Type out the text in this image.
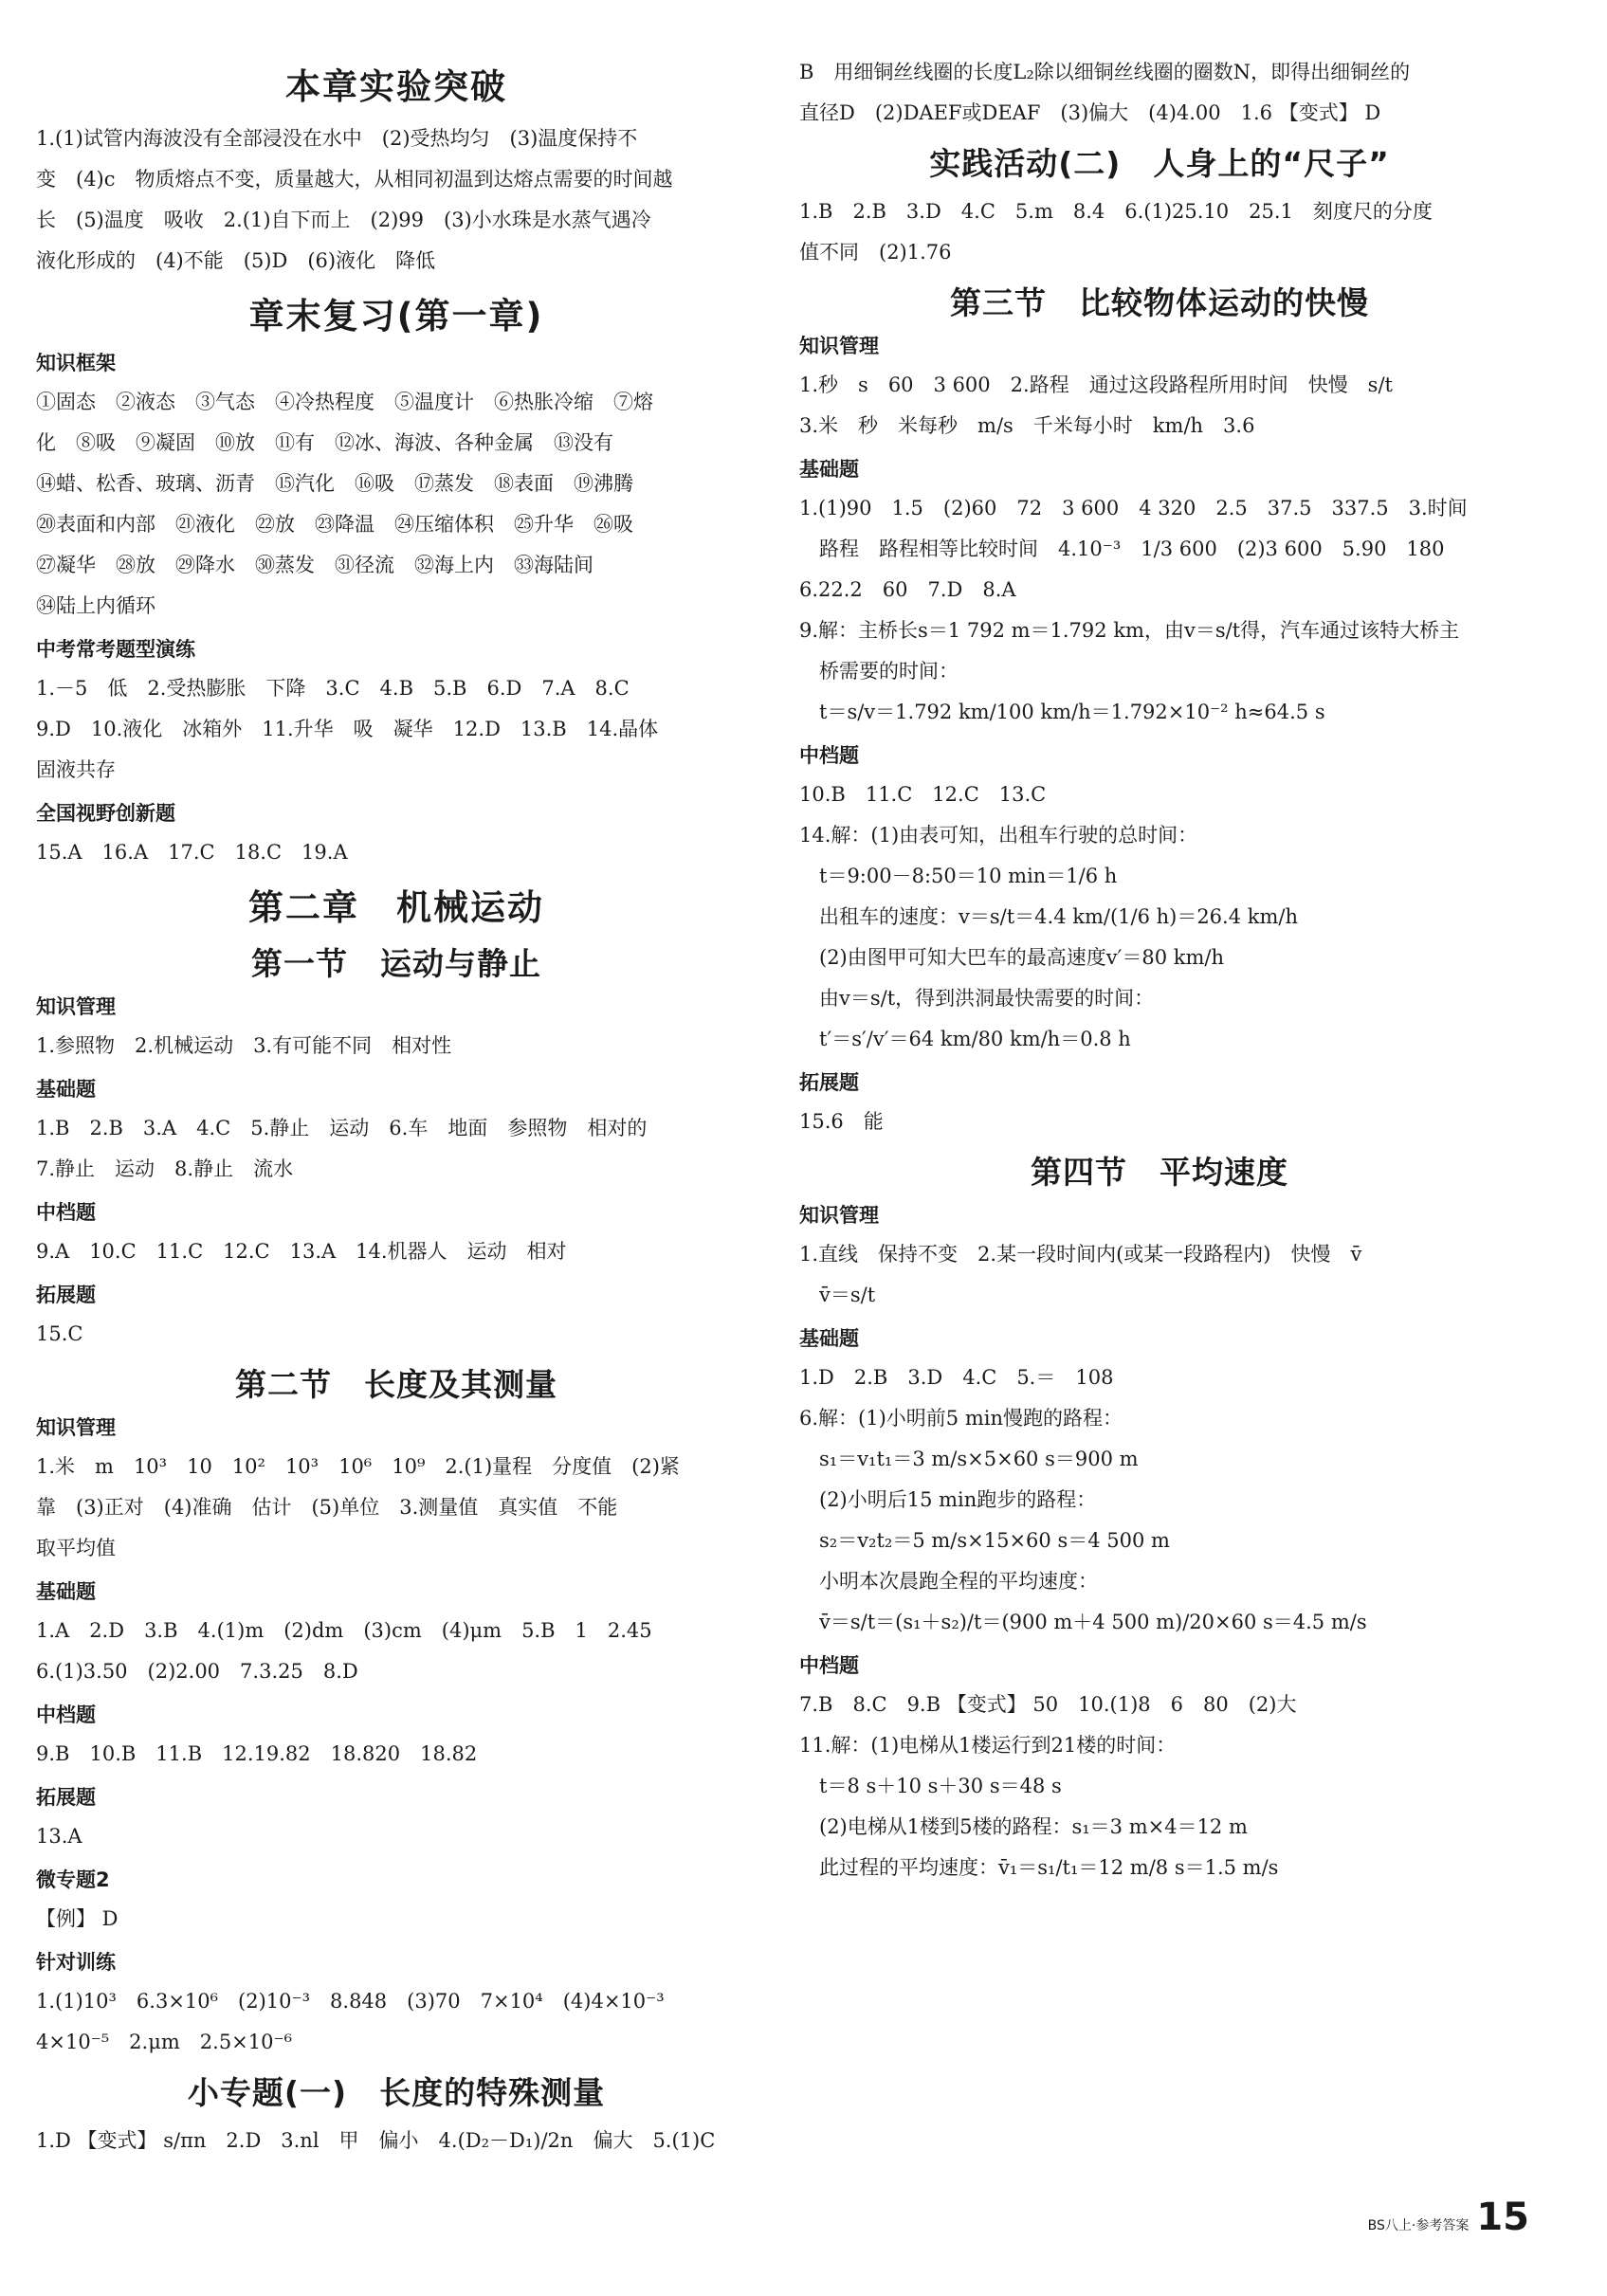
本章实验突破
1.(1)试管内海波没有全部浸没在水中　(2)受热均匀　(3)温度保持不
变　(4)c　物质熔点不变，质量越大，从相同初温到达熔点需要的时间越
长　(5)温度　吸收　2.(1)自下而上　(2)99　(3)小水珠是水蒸气遇冷
液化形成的　(4)不能　(5)D　(6)液化　降低
章末复习(第一章)
知识框架
①固态　②液态　③气态　④冷热程度　⑤温度计　⑥热胀冷缩　⑦熔
化　⑧吸　⑨凝固　⑩放　⑪有　⑫冰、海波、各种金属　⑬没有
⑭蜡、松香、玻璃、沥青　⑮汽化　⑯吸　⑰蒸发　⑱表面　⑲沸腾
⑳表面和内部　㉑液化　㉒放　㉓降温　㉔压缩体积　㉕升华　㉖吸
㉗凝华　㉘放　㉙降水　㉚蒸发　㉛径流　㉜海上内　㉝海陆间
㉞陆上内循环
中考常考题型演练
1.－5　低　2.受热膨胀　下降　3.C　4.B　5.B　6.D　7.A　8.C
9.D　10.液化　冰箱外　11.升华　吸　凝华　12.D　13.B　14.晶体
固液共存
全国视野创新题
15.A　16.A　17.C　18.C　19.A
第二章　机械运动
第一节　运动与静止
知识管理
1.参照物　2.机械运动　3.有可能不同　相对性
基础题
1.B　2.B　3.A　4.C　5.静止　运动　6.车　地面　参照物　相对的
7.静止　运动　8.静止　流水
中档题
9.A　10.C　11.C　12.C　13.A　14.机器人　运动　相对
拓展题
15.C
第二节　长度及其测量
知识管理
1.米　m　10³　10　10²　10³　10⁶　10⁹　2.(1)量程　分度值　(2)紧
靠　(3)正对　(4)准确　估计　(5)单位　3.测量值　真实值　不能
取平均值
基础题
1.A　2.D　3.B　4.(1)m　(2)dm　(3)cm　(4)μm　5.B　1　2.45
6.(1)3.50　(2)2.00　7.3.25　8.D
中档题
9.B　10.B　11.B　12.19.82　18.820　18.82
拓展题
13.A
微专题2
【例】 D
针对训练
1.(1)10³　6.3×10⁶　(2)10⁻³　8.848　(3)70　7×10⁴　(4)4×10⁻³
4×10⁻⁵　2.μm　2.5×10⁻⁶
小专题(一)　长度的特殊测量
1.D 【变式】 s/πn　2.D　3.nl　甲　偏小　4.(D₂－D₁)/2n　偏大　5.(1)C
B　用细铜丝线圈的长度L₂除以细铜丝线圈的圈数N，即得出细铜丝的
直径D　(2)DAEF或DEAF　(3)偏大　(4)4.00　1.6 【变式】 D
实践活动(二)　人身上的“尺子”
1.B　2.B　3.D　4.C　5.m　8.4　6.(1)25.10　25.1　刻度尺的分度
值不同　(2)1.76
第三节　比较物体运动的快慢
知识管理
1.秒　s　60　3 600　2.路程　通过这段路程所用时间　快慢　s/t
3.米　秒　米每秒　m/s　千米每小时　km/h　3.6
基础题
1.(1)90　1.5　(2)60　72　3 600　4 320　2.5　37.5　337.5　3.时间
　路程　路程相等比较时间　4.10⁻³　1/3 600　(2)3 600　5.90　180
6.22.2　60　7.D　8.A
9.解：主桥长s＝1 792 m＝1.792 km，由v＝s/t得，汽车通过该特大桥主
　桥需要的时间：
　t＝s/v＝1.792 km/100 km/h＝1.792×10⁻² h≈64.5 s
中档题
10.B　11.C　12.C　13.C
14.解：(1)由表可知，出租车行驶的总时间：
　t＝9:00－8:50＝10 min＝1/6 h
　出租车的速度：v＝s/t＝4.4 km/(1/6 h)＝26.4 km/h
　(2)由图甲可知大巴车的最高速度v′＝80 km/h
　由v＝s/t，得到洪洞最快需要的时间：
　t′＝s′/v′＝64 km/80 km/h＝0.8 h
拓展题
15.6　能
第四节　平均速度
知识管理
1.直线　保持不变　2.某一段时间内(或某一段路程内)　快慢　v̄
　v̄＝s/t
基础题
1.D　2.B　3.D　4.C　5.＝　108
6.解：(1)小明前5 min慢跑的路程：
　s₁＝v₁t₁＝3 m/s×5×60 s＝900 m
　(2)小明后15 min跑步的路程：
　s₂＝v₂t₂＝5 m/s×15×60 s＝4 500 m
　小明本次晨跑全程的平均速度：
　v̄＝s/t＝(s₁＋s₂)/t＝(900 m＋4 500 m)/20×60 s＝4.5 m/s
中档题
7.B　8.C　9.B 【变式】 50　10.(1)8　6　80　(2)大
11.解：(1)电梯从1楼运行到21楼的时间：
　t＝8 s＋10 s＋30 s＝48 s
　(2)电梯从1楼到5楼的路程：s₁＝3 m×4＝12 m
　此过程的平均速度：v̄₁＝s₁/t₁＝12 m/8 s＝1.5 m/s
BS八上·参考答案 15
